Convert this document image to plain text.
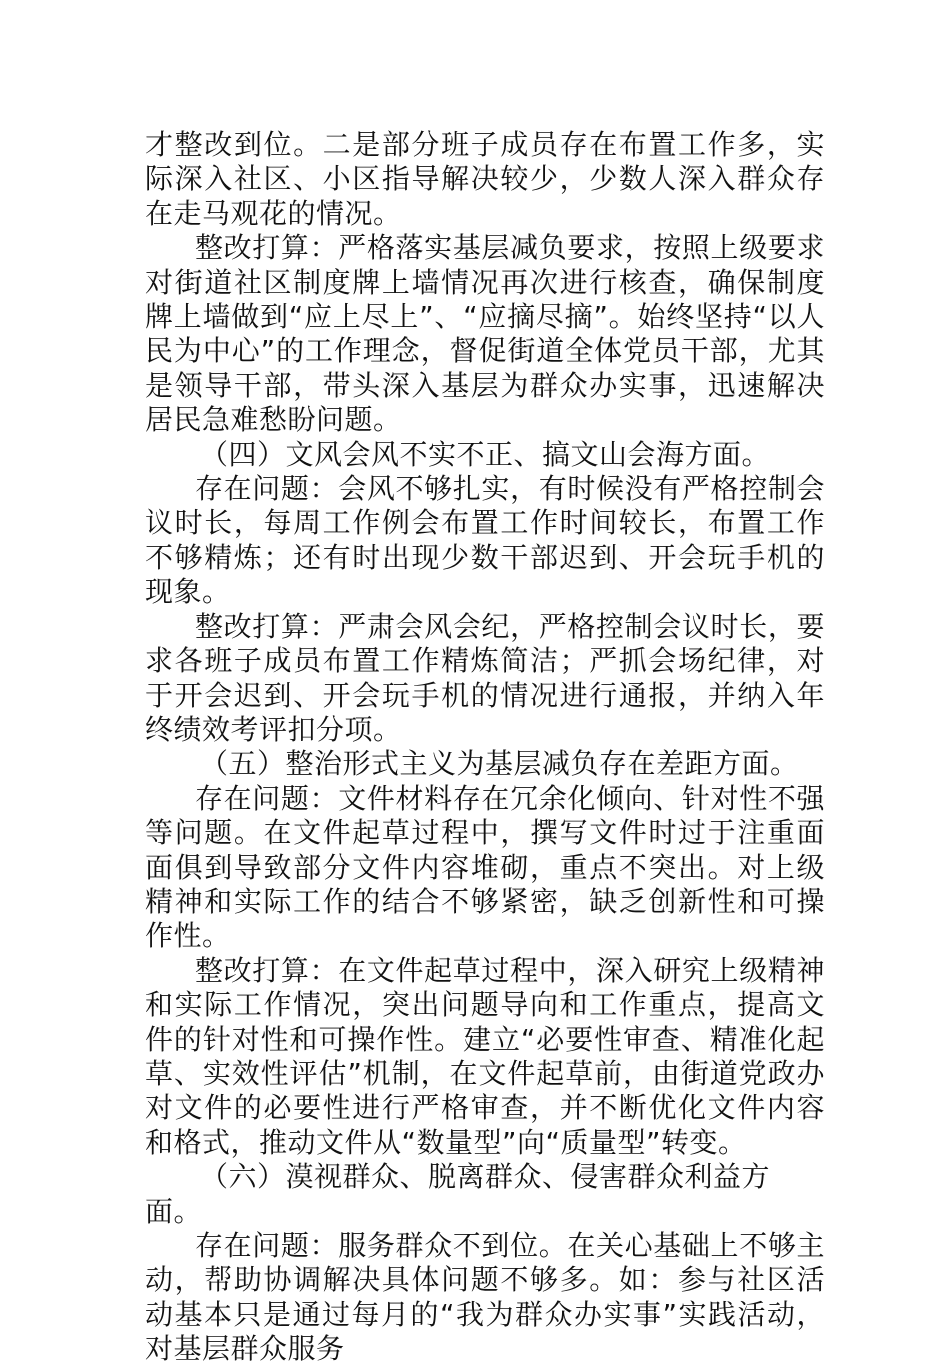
才整改到位。二是部分班子成员存在布置工作多，实际深入社区、小区指导解决较少，少数人深入群众存在走马观花的情况。

整改打算：严格落实基层减负要求，按照上级要求对街道社区制度牌上墙情况再次进行核查，确保制度牌上墙做到“应上尽上”、“应摘尽摘”。始终坚持“以人民为中心”的工作理念，督促街道全体党员干部，尤其是领导干部，带头深入基层为群众办实事，迅速解决居民急难愁盼问题。

（四）文风会风不实不正、搞文山会海方面。

存在问题：会风不够扎实，有时候没有严格控制会议时长，每周工作例会布置工作时间较长，布置工作不够精炼；还有时出现少数干部迟到、开会玩手机的现象。

整改打算：严肃会风会纪，严格控制会议时长，要求各班子成员布置工作精炼简洁；严抓会场纪律，对于开会迟到、开会玩手机的情况进行通报，并纳入年终绩效考评扣分项。

（五）整治形式主义为基层减负存在差距方面。

存在问题：文件材料存在冗余化倾向、针对性不强等问题。在文件起草过程中，撰写文件时过于注重面面俱到导致部分文件内容堆砌，重点不突出。对上级精神和实际工作的结合不够紧密，缺乏创新性和可操作性。

整改打算：在文件起草过程中，深入研究上级精神和实际工作情况，突出问题导向和工作重点，提高文件的针对性和可操作性。建立“必要性审查、精准化起草、实效性评估”机制，在文件起草前，由街道党政办对文件的必要性进行严格审查，并不断优化文件内容和格式，推动文件从“数量型”向“质量型”转变。

（六）漠视群众、脱离群众、侵害群众利益方面。

存在问题：服务群众不到位。在关心基础上不够主动，帮助协调解决具体问题不够多。如：参与社区活动基本只是通过每月的“我为群众办实事”实践活动，对基层群众服务
